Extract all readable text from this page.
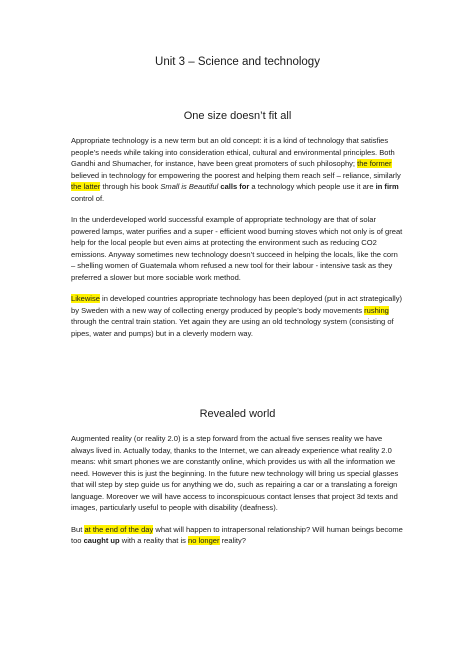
Unit 3 – Science and technology
One size doesn’t fit all

Appropriate technology is a new term but an old concept: it is a kind of technology that satisfies people’s needs while taking into consideration ethical, cultural and environmental principles. Both Gandhi and Shumacher, for instance, have been great promoters of such philosophy; the former believed in technology for empowering the poorest and helping them reach self – reliance, similarly the latter through his book Small is Beautiful calls for a technology which people use it are in firm control of.

In the underdeveloped world successful example of appropriate technology are that of solar powered lamps, water purifies and a super - efficient wood burning stoves which not only is of great help for the local people but even aims at protecting the environment such as reducing CO2 emissions. Anyway sometimes new technology doesn’t succeed in helping the locals, like the corn – shelling women of Guatemala whom refused a new tool for their labour - intensive task as they preferred a slower but more sociable work method.

Likewise in developed countries appropriate technology has been deployed (put in act strategically) by Sweden with a new way of collecting energy produced by people’s body movements rushing through the central train station. Yet again they are using an old technology system (consisting of pipes, water and pumps) but in a cleverly modern way.

Revealed world

Augmented reality (or reality 2.0) is a step forward from the actual five senses reality we have always lived in. Actually today, thanks to the Internet, we can already experience what reality 2.0 means: whit smart phones we are constantly online, which provides us with all the information we need. However this is just the beginning. In the future new technology will bring us special glasses that will step by step guide us for anything we do, such as repairing a car or a translating a foreign language. Moreover we will have access to inconspicuous contact lenses that project 3d texts and images, particularly useful to people with disability (deafness).

But at the end of the day what will happen to intrapersonal relationship? Will human beings become too caught up with a reality that is no longer reality?
